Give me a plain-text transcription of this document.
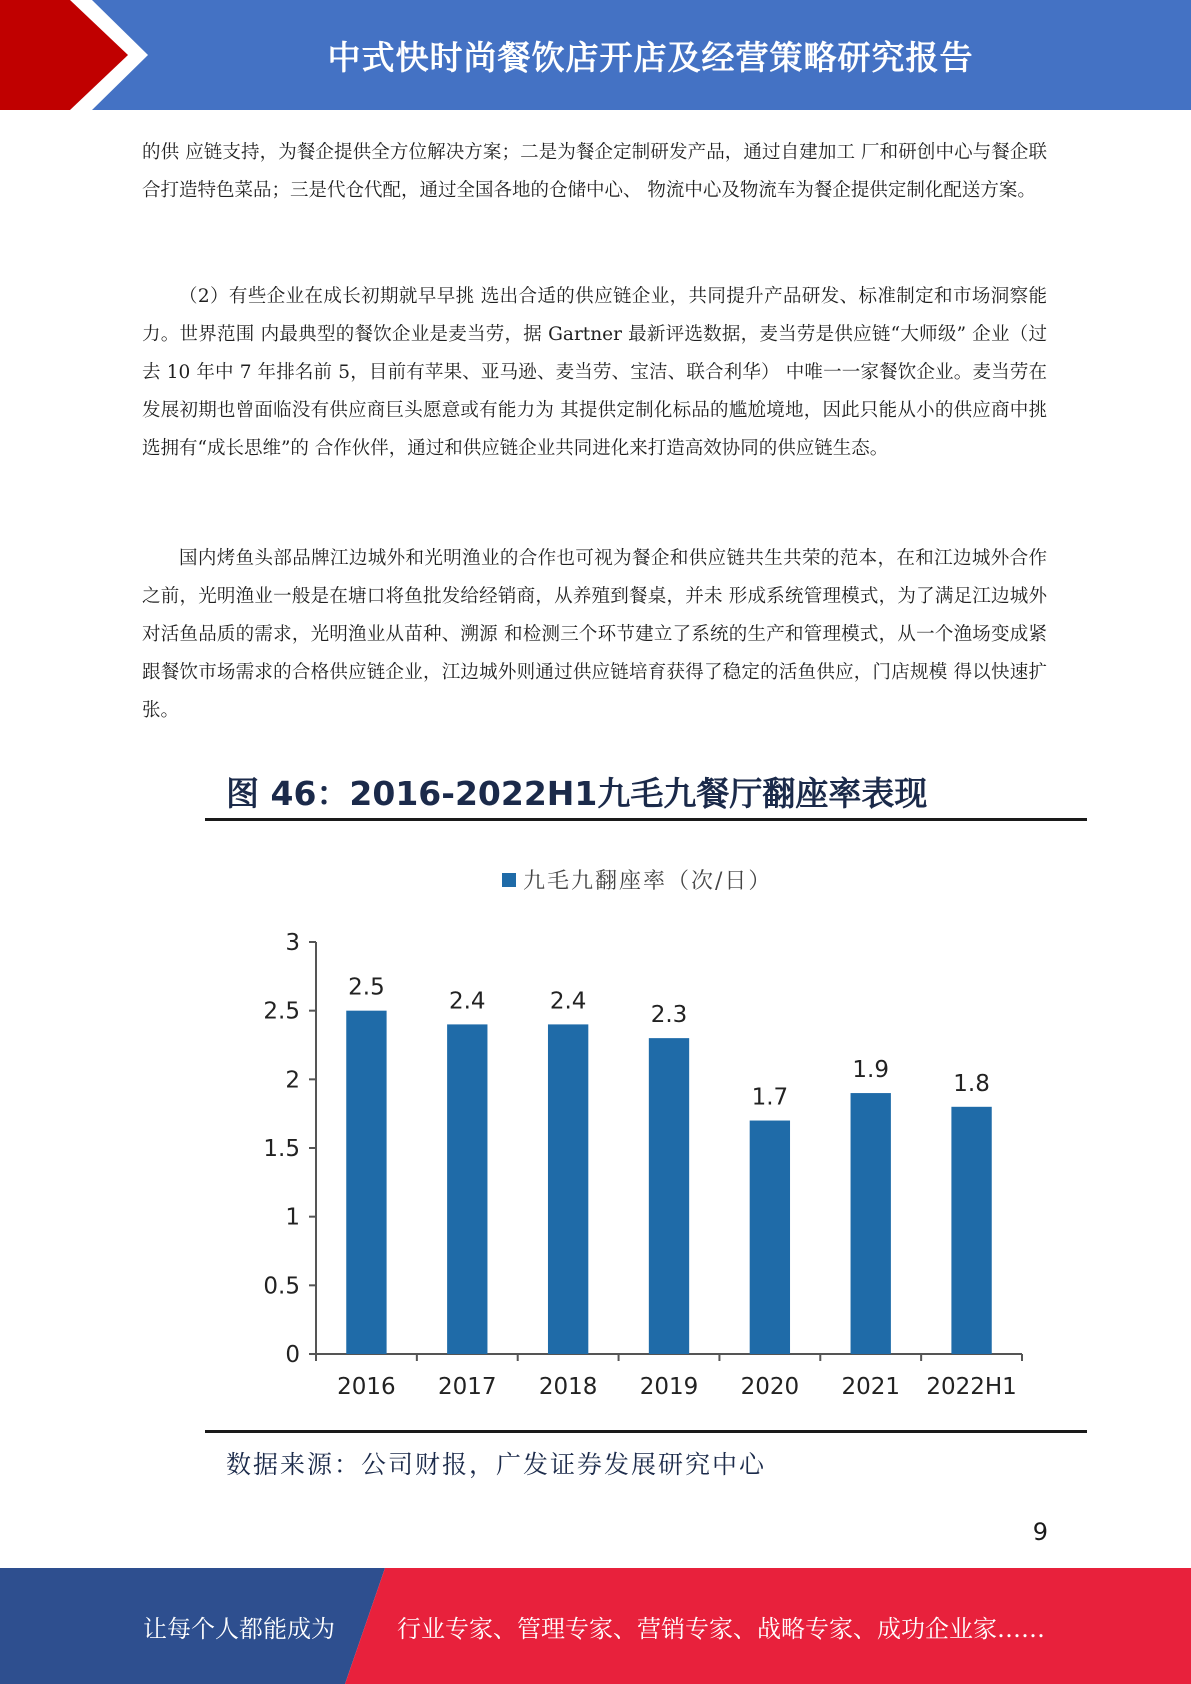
中式快时尚餐饮店开店及经营策略研究报告

的供 应链支持，为餐企提供全方位解决方案；二是为餐企定制研发产品，通过自建加工 厂和研创中心与餐企联合打造特色菜品；三是代仓代配，通过全国各地的仓储中心、 物流中心及物流车为餐企提供定制化配送方案。

（2）有些企业在成长初期就早早挑 选出合适的供应链企业，共同提升产品研发、标准制定和市场洞察能力。世界范围 内最典型的餐饮企业是麦当劳，据 Gartner 最新评选数据，麦当劳是供应链“大师级” 企业（过去 10 年中 7 年排名前 5，目前有苹果、亚马逊、麦当劳、宝洁、联合利华） 中唯一一家餐饮企业。麦当劳在发展初期也曾面临没有供应商巨头愿意或有能力为 其提供定制化标品的尴尬境地，因此只能从小的供应商中挑选拥有“成长思维”的 合作伙伴，通过和供应链企业共同进化来打造高效协同的供应链生态。

国内烤鱼头部品牌江边城外和光明渔业的合作也可视为餐企和供应链共生共荣的范本，在和江边城外合作之前，光明渔业一般是在塘口将鱼批发给经销商，从养殖到餐桌，并未 形成系统管理模式，为了满足江边城外对活鱼品质的需求，光明渔业从苗种、溯源 和检测三个环节建立了系统的生产和管理模式，从一个渔场变成紧跟餐饮市场需求的合格供应链企业，江边城外则通过供应链培育获得了稳定的活鱼供应，门店规模 得以快速扩张。

图 46：2016-2022H1九毛九餐厅翻座率表现
九毛九翻座率（次/日）
0
0.5
1
1.5
2
2.5
3
2.5
2016
2.4
2017
2.4
2018
2.3
2019
1.7
2020
1.9
2021
1.8
2022H1
数据来源：公司财报，广发证券发展研究中心
9
让每个人都能成为	行业专家、管理专家、营销专家、战略专家、成功企业家……
